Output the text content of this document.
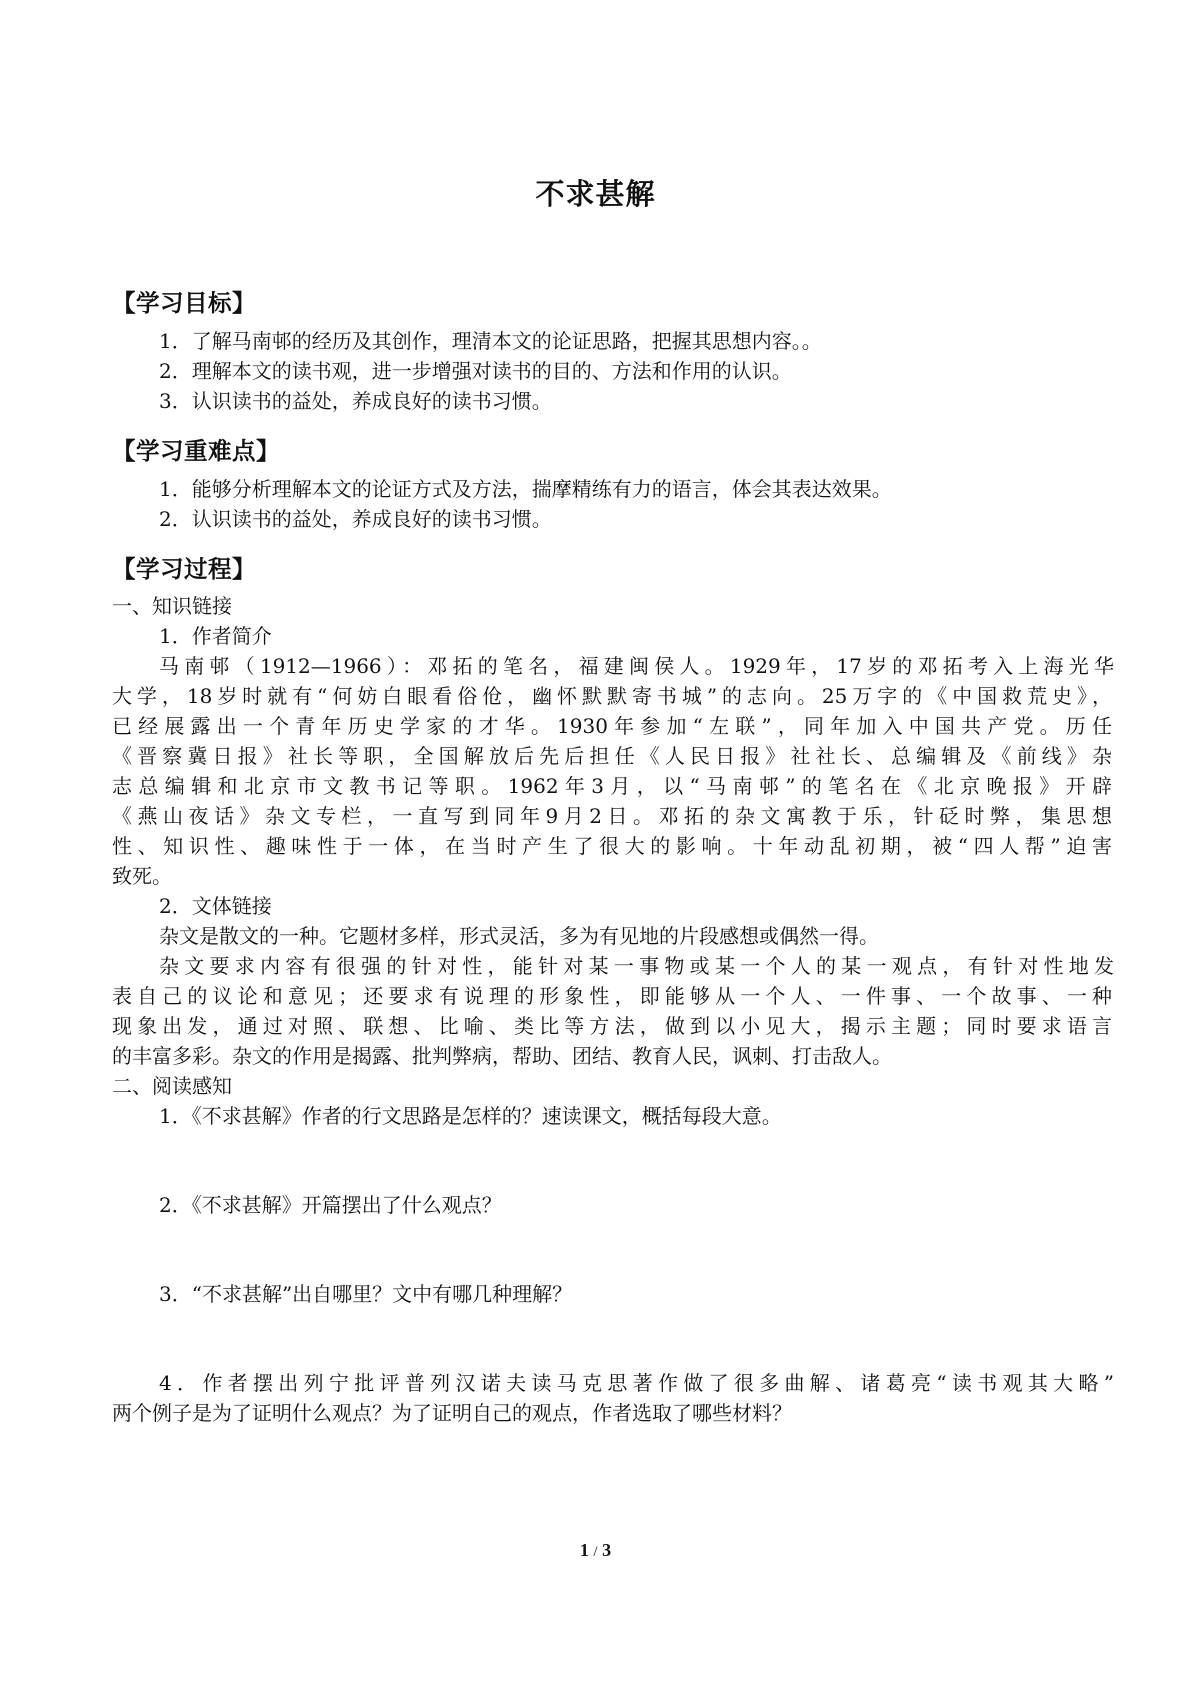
不求甚解
【学习目标】
1．了解马南邨的经历及其创作，理清本文的论证思路，把握其思想内容。。
2．理解本文的读书观，进一步增强对读书的目的、方法和作用的认识。
3．认识读书的益处，养成良好的读书习惯。
【学习重难点】
1．能够分析理解本文的论证方式及方法，揣摩精练有力的语言，体会其表达效果。
2．认识读书的益处，养成良好的读书习惯。
【学习过程】
一、知识链接
1．作者简介
马南邨（1912—1966）：邓拓的笔名，福建闽侯人。1929年，17岁的邓拓考入上海光华
大学，18岁时就有“何妨白眼看俗伧，幽怀默默寄书城”的志向。25万字的《中国救荒史》，
已经展露出一个青年历史学家的才华。1930年参加“左联”，同年加入中国共产党。历任
《晋察冀日报》社长等职，全国解放后先后担任《人民日报》社社长、总编辑及《前线》杂
志总编辑和北京市文教书记等职。1962年3月，以“马南邨”的笔名在《北京晚报》开辟
《燕山夜话》杂文专栏，一直写到同年9月2日。邓拓的杂文寓教于乐，针砭时弊，集思想
性、知识性、趣味性于一体，在当时产生了很大的影响。十年动乱初期，被“四人帮”迫害
致死。
2．文体链接
杂文是散文的一种。它题材多样，形式灵活，多为有见地的片段感想或偶然一得。
杂文要求内容有很强的针对性，能针对某一事物或某一个人的某一观点，有针对性地发
表自己的议论和意见；还要求有说理的形象性，即能够从一个人、一件事、一个故事、一种
现象出发，通过对照、联想、比喻、类比等方法，做到以小见大，揭示主题；同时要求语言
的丰富多彩。杂文的作用是揭露、批判弊病，帮助、团结、教育人民，讽刺、打击敌人。
二、阅读感知
1．《不求甚解》作者的行文思路是怎样的？速读课文，概括每段大意。
2．《不求甚解》开篇摆出了什么观点？
3．“不求甚解”出自哪里？文中有哪几种理解？
4．作者摆出列宁批评普列汉诺夫读马克思著作做了很多曲解、诸葛亮“读书观其大略”
两个例子是为了证明什么观点？为了证明自己的观点，作者选取了哪些材料？
1 / 3
